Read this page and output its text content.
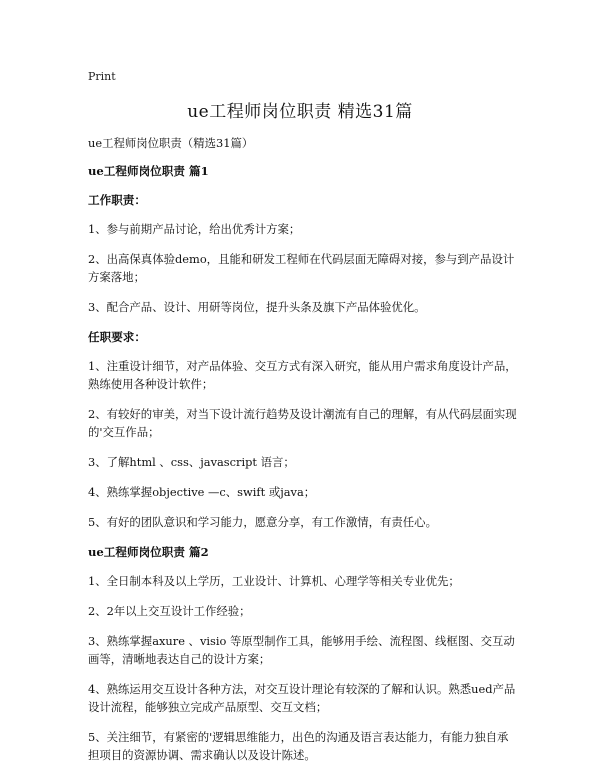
Print
ue工程师岗位职责 精选31篇

ue工程师岗位职责（精选31篇）

ue工程师岗位职责 篇1

工作职责：

1、参与前期产品讨论，给出优秀计方案；

2、出高保真体验demo，且能和研发工程师在代码层面无障碍对接，参与到产品设计方案落地；

3、配合产品、设计、用研等岗位，提升头条及旗下产品体验优化。

任职要求：

1、注重设计细节，对产品体验、交互方式有深入研究，能从用户需求角度设计产品，熟练使用各种设计软件；

2、有较好的审美，对当下设计流行趋势及设计潮流有自己的理解，有从代码层面实现的'交互作品；

3、了解html 、css、javascript 语言；

4、熟练掌握objective —c、swift 或java；

5、有好的团队意识和学习能力，愿意分享，有工作激情，有责任心。

ue工程师岗位职责 篇2

1、全日制本科及以上学历，工业设计、计算机、心理学等相关专业优先；

2、2年以上交互设计工作经验；

3、熟练掌握axure 、visio 等原型制作工具，能够用手绘、流程图、线框图、交互动画等，清晰地表达自己的设计方案；

4、熟练运用交互设计各种方法，对交互设计理论有较深的了解和认识。熟悉ued产品设计流程，能够独立完成产品原型、交互文档；

5、关注细节，有紧密的'逻辑思维能力，出色的沟通及语言表达能力，有能力独自承担项目的资源协调、需求确认以及设计陈述。
